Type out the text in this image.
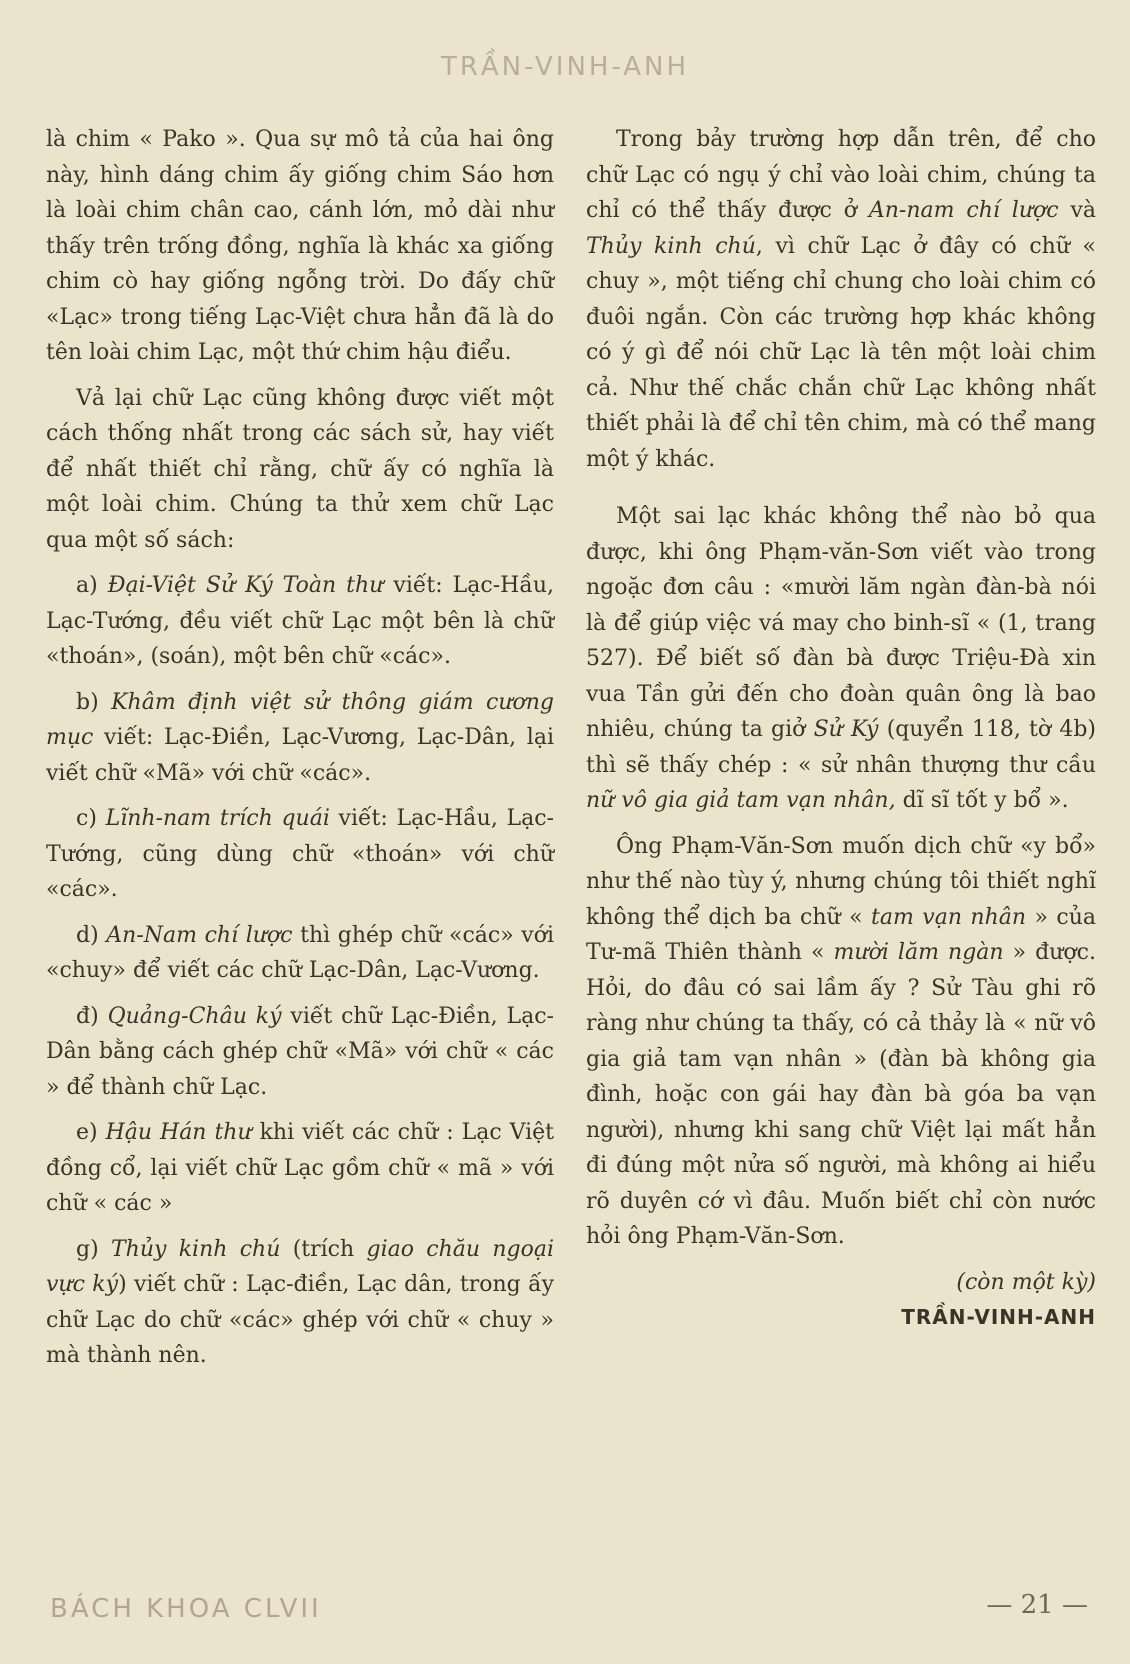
TRẦN-VINH-ANH

là chim « Pako ». Qua sự mô tả của hai ông này, hình dáng chim ấy giống chim Sáo hơn là loài chim chân cao, cánh lớn, mỏ dài như thấy trên trống đồng, nghĩa là khác xa giống chim cò hay giống ngỗng trời. Do đấy chữ «Lạc» trong tiếng Lạc-Việt chưa hẳn đã là do tên loài chim Lạc, một thứ chim hậu điểu.

Vả lại chữ Lạc cũng không được viết một cách thống nhất trong các sách sử, hay viết để nhất thiết chỉ rằng, chữ ấy có nghĩa là một loài chim. Chúng ta thử xem chữ Lạc qua một số sách:

a) Đại-Việt Sử Ký Toàn thư viết: Lạc-Hầu, Lạc-Tướng, đều viết chữ Lạc một bên là chữ «thoán», (soán), một bên chữ «các».

b) Khâm định việt sử thông giám cương mục viết: Lạc-Điền, Lạc-Vương, Lạc-Dân, lại viết chữ «Mã» với chữ «các».

c) Lĩnh-nam trích quái viết: Lạc-Hầu, Lạc-Tướng, cũng dùng chữ «thoán» với chữ «các».

d) An-Nam chí lược thì ghép chữ «các» với «chuy» để viết các chữ Lạc-Dân, Lạc-Vương.

đ) Quảng-Châu ký viết chữ Lạc-Điền, Lạc-Dân bằng cách ghép chữ «Mã» với chữ « các » để thành chữ Lạc.

e) Hậu Hán thư khi viết các chữ : Lạc Việt đồng cổ, lại viết chữ Lạc gồm chữ « mã » với chữ « các »

g) Thủy kinh chú (trích giao chău ngoại vực ký) viết chữ : Lạc-điền, Lạc dân, trong ấy chữ Lạc do chữ «các» ghép với chữ « chuy » mà thành nên.

Trong bảy trường hợp dẫn trên, để cho chữ Lạc có ngụ ý chỉ vào loài chim, chúng ta chỉ có thể thấy được ở An-nam chí lược và Thủy kinh chú, vì chữ Lạc ở đây có chữ « chuy », một tiếng chỉ chung cho loài chim có đuôi ngắn. Còn các trường hợp khác không có ý gì để nói chữ Lạc là tên một loài chim cả. Như thế chắc chắn chữ Lạc không nhất thiết phải là để chỉ tên chim, mà có thể mang một ý khác.

Một sai lạc khác không thể nào bỏ qua được, khi ông Phạm-văn-Sơn viết vào trong ngoặc đơn câu : «mười lăm ngàn đàn-bà nói là để giúp việc vá may cho binh-sĩ « (1, trang 527). Để biết số đàn bà được Triệu-Đà xin vua Tần gửi đến cho đoàn quân ông là bao nhiêu, chúng ta giở Sử Ký (quyển 118, tờ 4b) thì sẽ thấy chép : « sử nhân thượng thư cầu nữ vô gia giả tam vạn nhân, dĩ sĩ tốt y bổ ».

Ông Phạm-Văn-Sơn muốn dịch chữ «y bổ» như thế nào tùy ý, nhưng chúng tôi thiết nghĩ không thể dịch ba chữ « tam vạn nhân » của Tư-mã Thiên thành « mười lăm ngàn » được. Hỏi, do đâu có sai lầm ấy ? Sử Tàu ghi rõ ràng như chúng ta thấy, có cả thảy là « nữ vô gia giả tam vạn nhân » (đàn bà không gia đình, hoặc con gái hay đàn bà góa ba vạn người), nhưng khi sang chữ Việt lại mất hẳn đi đúng một nửa số người, mà không ai hiểu rõ duyên cớ vì đâu. Muốn biết chỉ còn nước hỏi ông Phạm-Văn-Sơn.

(còn một kỳ)
TRẦN-VINH-ANH
BÁCH KHOA CLVII	— 21 —
